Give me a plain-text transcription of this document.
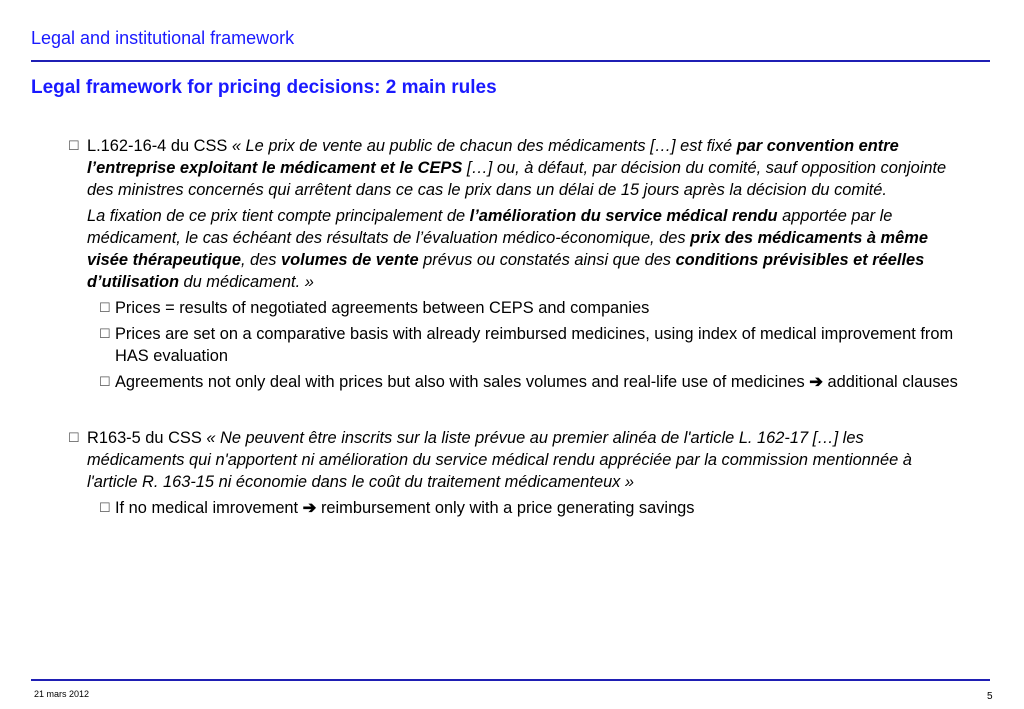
Legal and institutional framework
Legal framework for pricing decisions: 2 main rules
☐ L.162-16-4 du CSS « Le prix de vente au public de chacun des médicaments […] est fixé par convention entre l’entreprise exploitant le médicament et le CEPS […] ou, à défaut, par décision du comité, sauf opposition conjointe des ministres concernés qui arrêtent dans ce cas le prix dans un délai de 15 jours après la décision du comité.
La fixation de ce prix tient compte principalement de l’amélioration du service médical rendu apportée par le médicament, le cas échéant des résultats de l’évaluation médico-économique, des prix des médicaments à même visée thérapeutique, des volumes de vente prévus ou constatés ainsi que des conditions prévisibles et réelles d’utilisation du médicament. »
☐ Prices = results of negotiated agreements between CEPS and companies
☐ Prices are set on a comparative basis with already reimbursed medicines, using index of medical improvement from HAS evaluation
☐ Agreements not only deal with prices but also with sales volumes and real-life use of medicines ➔ additional clauses
☐ R163-5 du CSS « Ne peuvent être inscrits sur la liste prévue au premier alinéa de l'article L. 162-17 […] les médicaments qui n'apportent ni amélioration du service médical rendu appréciée par la commission mentionnée à l'article R. 163-15 ni économie dans le coût du traitement médicamenteux »
☐ If no medical imrovement ➔ reimbursement only with a price generating savings
21 mars 2012	5
